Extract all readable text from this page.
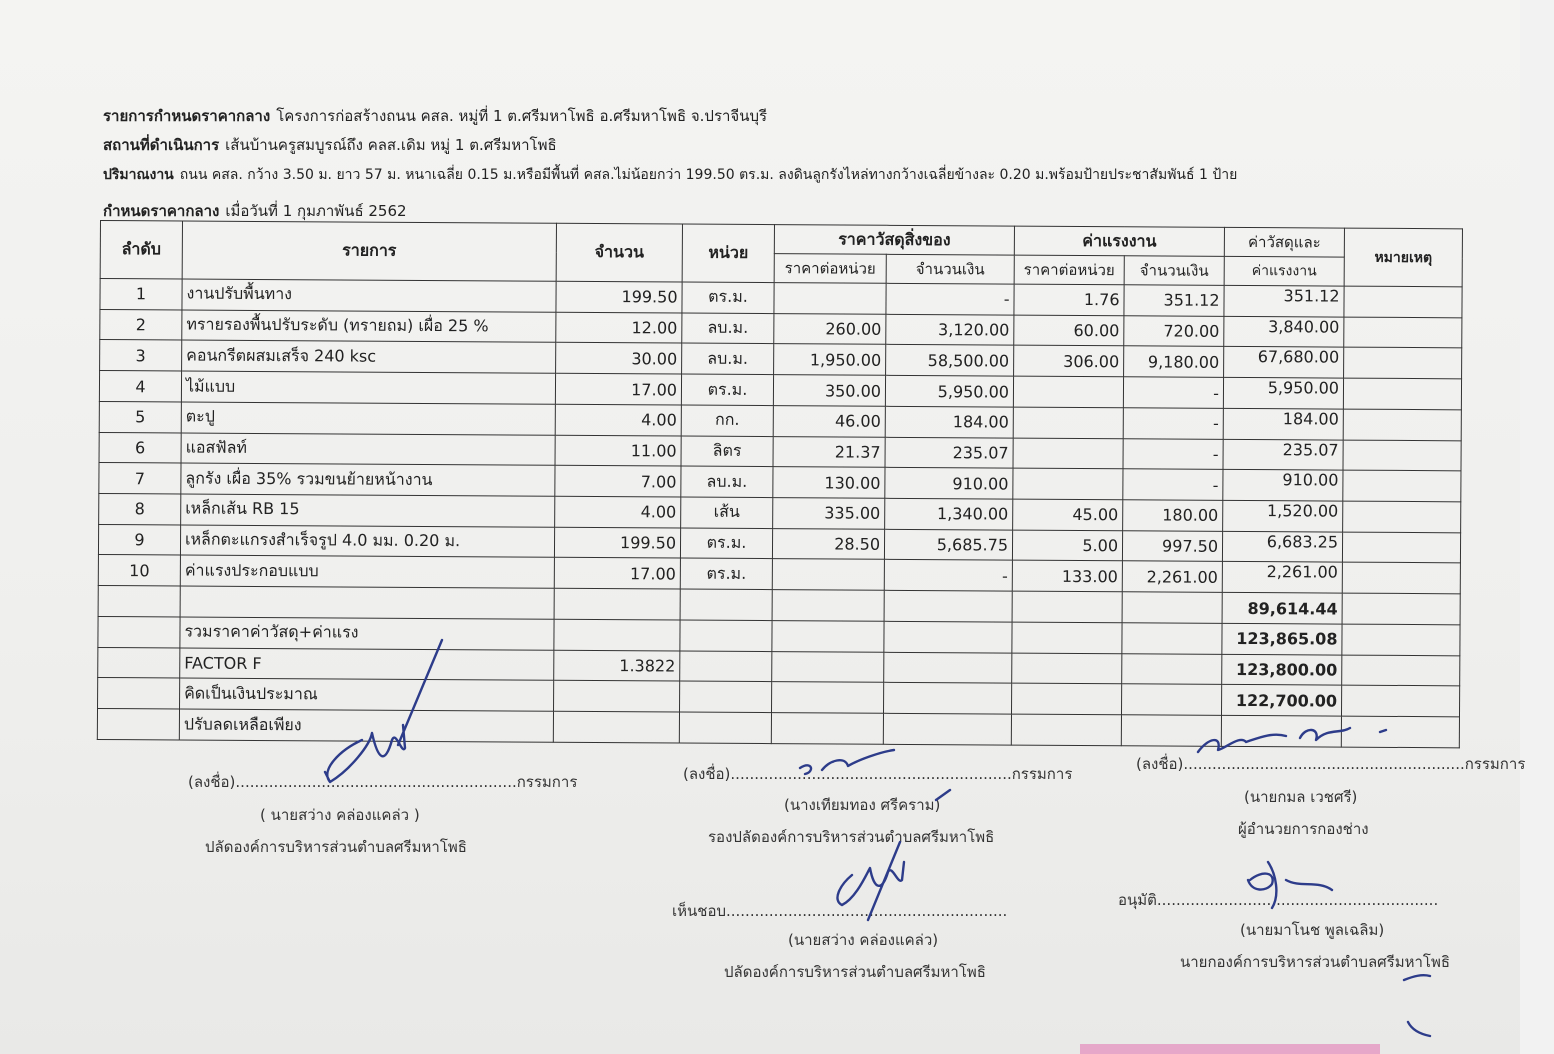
รายการกำหนดราคากลาง โครงการก่อสร้างถนน คสล. หมู่ที่ 1 ต.ศรีมหาโพธิ อ.ศรีมหาโพธิ จ.ปราจีนบุรี
สถานที่ดำเนินการ เส้นบ้านครูสมบูรณ์ถึง คลส.เดิม หมู่ 1 ต.ศรีมหาโพธิ
ปริมาณงาน ถนน คสล. กว้าง 3.50 ม. ยาว 57 ม. หนาเฉลี่ย 0.15 ม.หรือมีพื้นที่ คสล.ไม่น้อยกว่า 199.50 ตร.ม. ลงดินลูกรังไหล่ทางกว้างเฉลี่ยข้างละ 0.20 ม.พร้อมป้ายประชาสัมพันธ์ 1 ป้าย
กำหนดราคากลาง เมื่อวันที่ 1 กุมภาพันธ์ 2562
ลำดับ	รายการ	จำนวน	หน่วย	ราคาวัสดุสิ่งของ		ค่าแรงงาน		ค่าวัสดุและ	หมายเหตุ
				ราคาต่อหน่วย	จำนวนเงิน	ราคาต่อหน่วย	จำนวนเงิน	ค่าแรงงาน	
1	งานปรับพื้นทาง	199.50	ตร.ม.		-	1.76	351.12	351.12	
2	ทรายรองพื้นปรับระดับ (ทรายถม) เผื่อ 25 %	12.00	ลบ.ม.	260.00	3,120.00	60.00	720.00	3,840.00	
3	คอนกรีตผสมเสร็จ 240 ksc	30.00	ลบ.ม.	1,950.00	58,500.00	306.00	9,180.00	67,680.00	
4	ไม้แบบ	17.00	ตร.ม.	350.00	5,950.00		-	5,950.00	
5	ตะปู	4.00	กก.	46.00	184.00		-	184.00	
6	แอสฟัลท์	11.00	ลิตร	21.37	235.07		-	235.07	
7	ลูกรัง เผื่อ 35% รวมขนย้ายหน้างาน	7.00	ลบ.ม.	130.00	910.00		-	910.00	
8	เหล็กเส้น RB 15	4.00	เส้น	335.00	1,340.00	45.00	180.00	1,520.00	
9	เหล็กตะแกรงสำเร็จรูป 4.0 มม. 0.20 ม.	199.50	ตร.ม.	28.50	5,685.75	5.00	997.50	6,683.25	
10	ค่าแรงประกอบแบบ	17.00	ตร.ม.		-	133.00	2,261.00	2,261.00	
								89,614.44	
	รวมราคาค่าวัสดุ+ค่าแรง							123,865.08	
	FACTOR F	1.3822						123,800.00	
	คิดเป็นเงินประมาณ							122,700.00	
	ปรับลดเหลือเพียง								
(ลงชื่อ)...........................................................กรรมการ
( นายสว่าง คล่องแคล่ว )
ปลัดองค์การบริหารส่วนตำบลศรีมหาโพธิ
(ลงชื่อ)...........................................................กรรมการ
(นางเทียมทอง ศรีคราม)
รองปลัดองค์การบริหารส่วนตำบลศรีมหาโพธิ
(ลงชื่อ)...........................................................กรรมการ
(นายกมล เวชศรี)
ผู้อำนวยการกองช่าง
เห็นชอบ...........................................................
(นายสว่าง คล่องแคล่ว)
ปลัดองค์การบริหารส่วนตำบลศรีมหาโพธิ
อนุมัติ...........................................................
(นายมาโนช พูลเฉลิม)
นายกองค์การบริหารส่วนตำบลศรีมหาโพธิ
